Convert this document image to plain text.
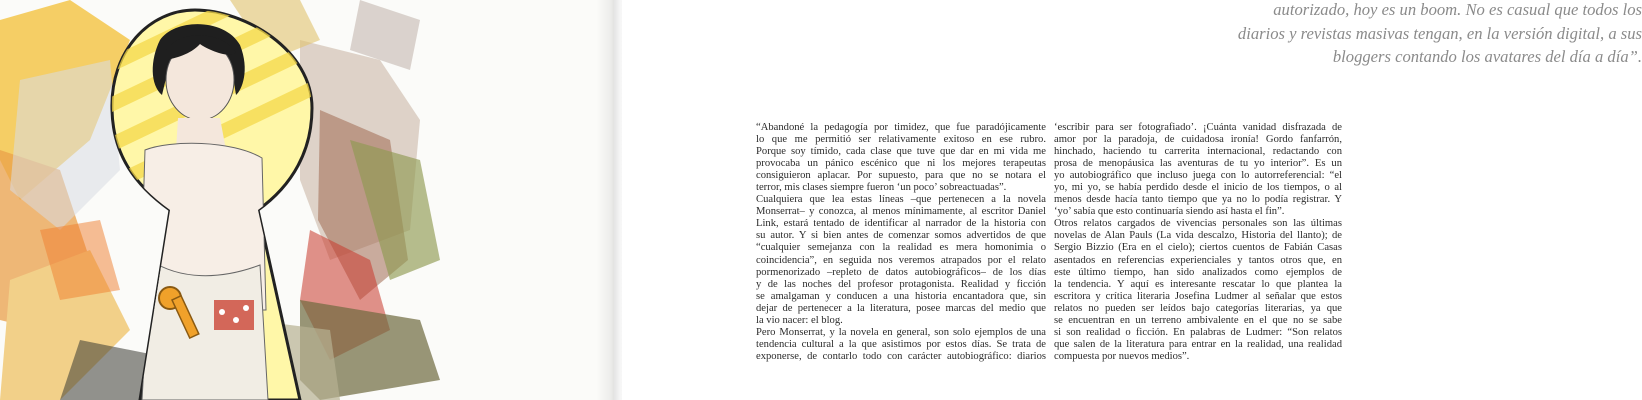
autorizado, hoy es un boom. No es casual que todos los
diarios y revistas masivas tengan, en la versión digital, a sus
bloggers contando los avatares del día a día”.
“Abandoné la pedagogía por timidez, que fue paradójicamente
lo que me permitió ser relativamente exitoso en ese rubro.
Porque soy tímido, cada clase que tuve que dar en mi vida me
provocaba un pánico escénico que ni los mejores terapeutas
consiguieron aplacar. Por supuesto, para que no se notara el
terror, mis clases siempre fueron ‘un poco’ sobreactuadas”.
Cualquiera que lea estas líneas –que pertenecen a la novela
Monserrat– y conozca, al menos mínimamente, al escritor Daniel
Link, estará tentado de identificar al narrador de la historia con
su autor. Y si bien antes de comenzar somos advertidos de que
“cualquier semejanza con la realidad es mera homonimia o
coincidencia”, en seguida nos veremos atrapados por el relato
pormenorizado –repleto de datos autobiográficos– de los días
y de las noches del profesor protagonista. Realidad y ficción
se amalgaman y conducen a una historia encantadora que, sin
dejar de pertenecer a la literatura, posee marcas del medio que
la vio nacer: el blog.
Pero Monserrat, y la novela en general, son solo ejemplos de una
tendencia cultural a la que asistimos por estos días. Se trata de
exponerse, de contarlo todo con carácter autobiográfico: diarios
‘escribir para ser fotografiado’. ¡Cuánta vanidad disfrazada de
amor por la paradoja, de cuidadosa ironía! Gordo fanfarrón,
hinchado, haciendo tu carrerita internacional, redactando con
prosa de menopáusica las aventuras de tu yo interior”. Es un
yo autobiográfico que incluso juega con lo autorreferencial: “el
yo, mi yo, se había perdido desde el inicio de los tiempos, o al
menos desde hacía tanto tiempo que ya no lo podía registrar. Y
‘yo’ sabía que esto continuaría siendo así hasta el fin”.
Otros relatos cargados de vivencias personales son las últimas
novelas de Alan Pauls (La vida descalzo, Historia del llanto); de
Sergio Bizzio (Era en el cielo); ciertos cuentos de Fabián Casas
asentados en referencias experienciales y tantos otros que, en
este último tiempo, han sido analizados como ejemplos de
la tendencia. Y aquí es interesante rescatar lo que plantea la
escritora y crítica literaria Josefina Ludmer al señalar que estos
relatos no pueden ser leídos bajo categorías literarias, ya que
se encuentran en un terreno ambivalente en el que no se sabe
si son realidad o ficción. En palabras de Ludmer: “Son relatos
que salen de la literatura para entrar en la realidad, una realidad
compuesta por nuevos medios”.
